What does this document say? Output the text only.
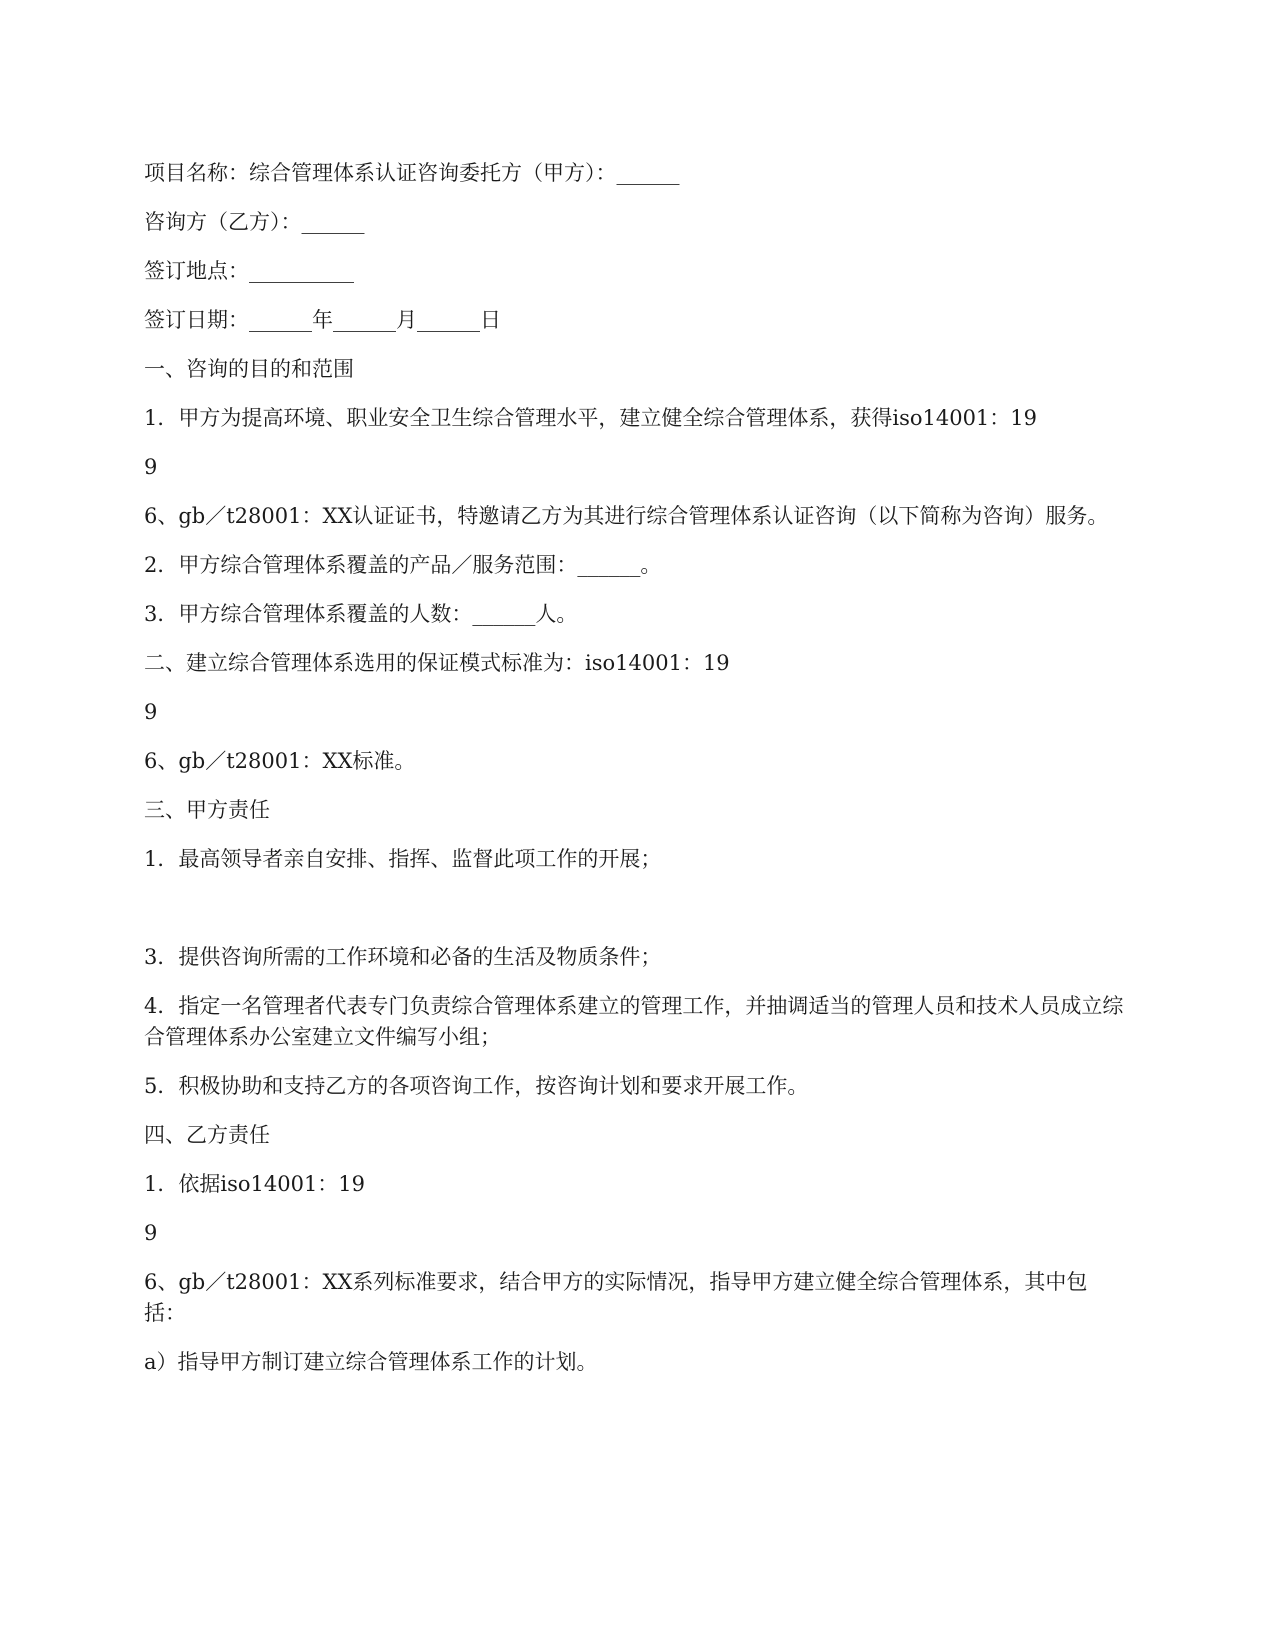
项目名称：综合管理体系认证咨询委托方（甲方）：______

咨询方（乙方）：______

签订地点：__________

签订日期：______年______月______日

一、咨询的目的和范围

1．甲方为提高环境、职业安全卫生综合管理水平，建立健全综合管理体系，获得iso14001：19

9

6、gb／t28001：XX认证证书，特邀请乙方为其进行综合管理体系认证咨询（以下简称为咨询）服务。

2．甲方综合管理体系覆盖的产品／服务范围：______。

3．甲方综合管理体系覆盖的人数：______人。

二、建立综合管理体系选用的保证模式标准为：iso14001：19

9

6、gb／t28001：XX标准。

三、甲方责任

1．最高领导者亲自安排、指挥、监督此项工作的开展；

3．提供咨询所需的工作环境和必备的生活及物质条件；

4．指定一名管理者代表专门负责综合管理体系建立的管理工作，并抽调适当的管理人员和技术人员成立综合管理体系办公室建立文件编写小组；

5．积极协助和支持乙方的各项咨询工作，按咨询计划和要求开展工作。

四、乙方责任

1．依据iso14001：19

9

6、gb／t28001：XX系列标准要求，结合甲方的实际情况，指导甲方建立健全综合管理体系，其中包括：

a）指导甲方制订建立综合管理体系工作的计划。
